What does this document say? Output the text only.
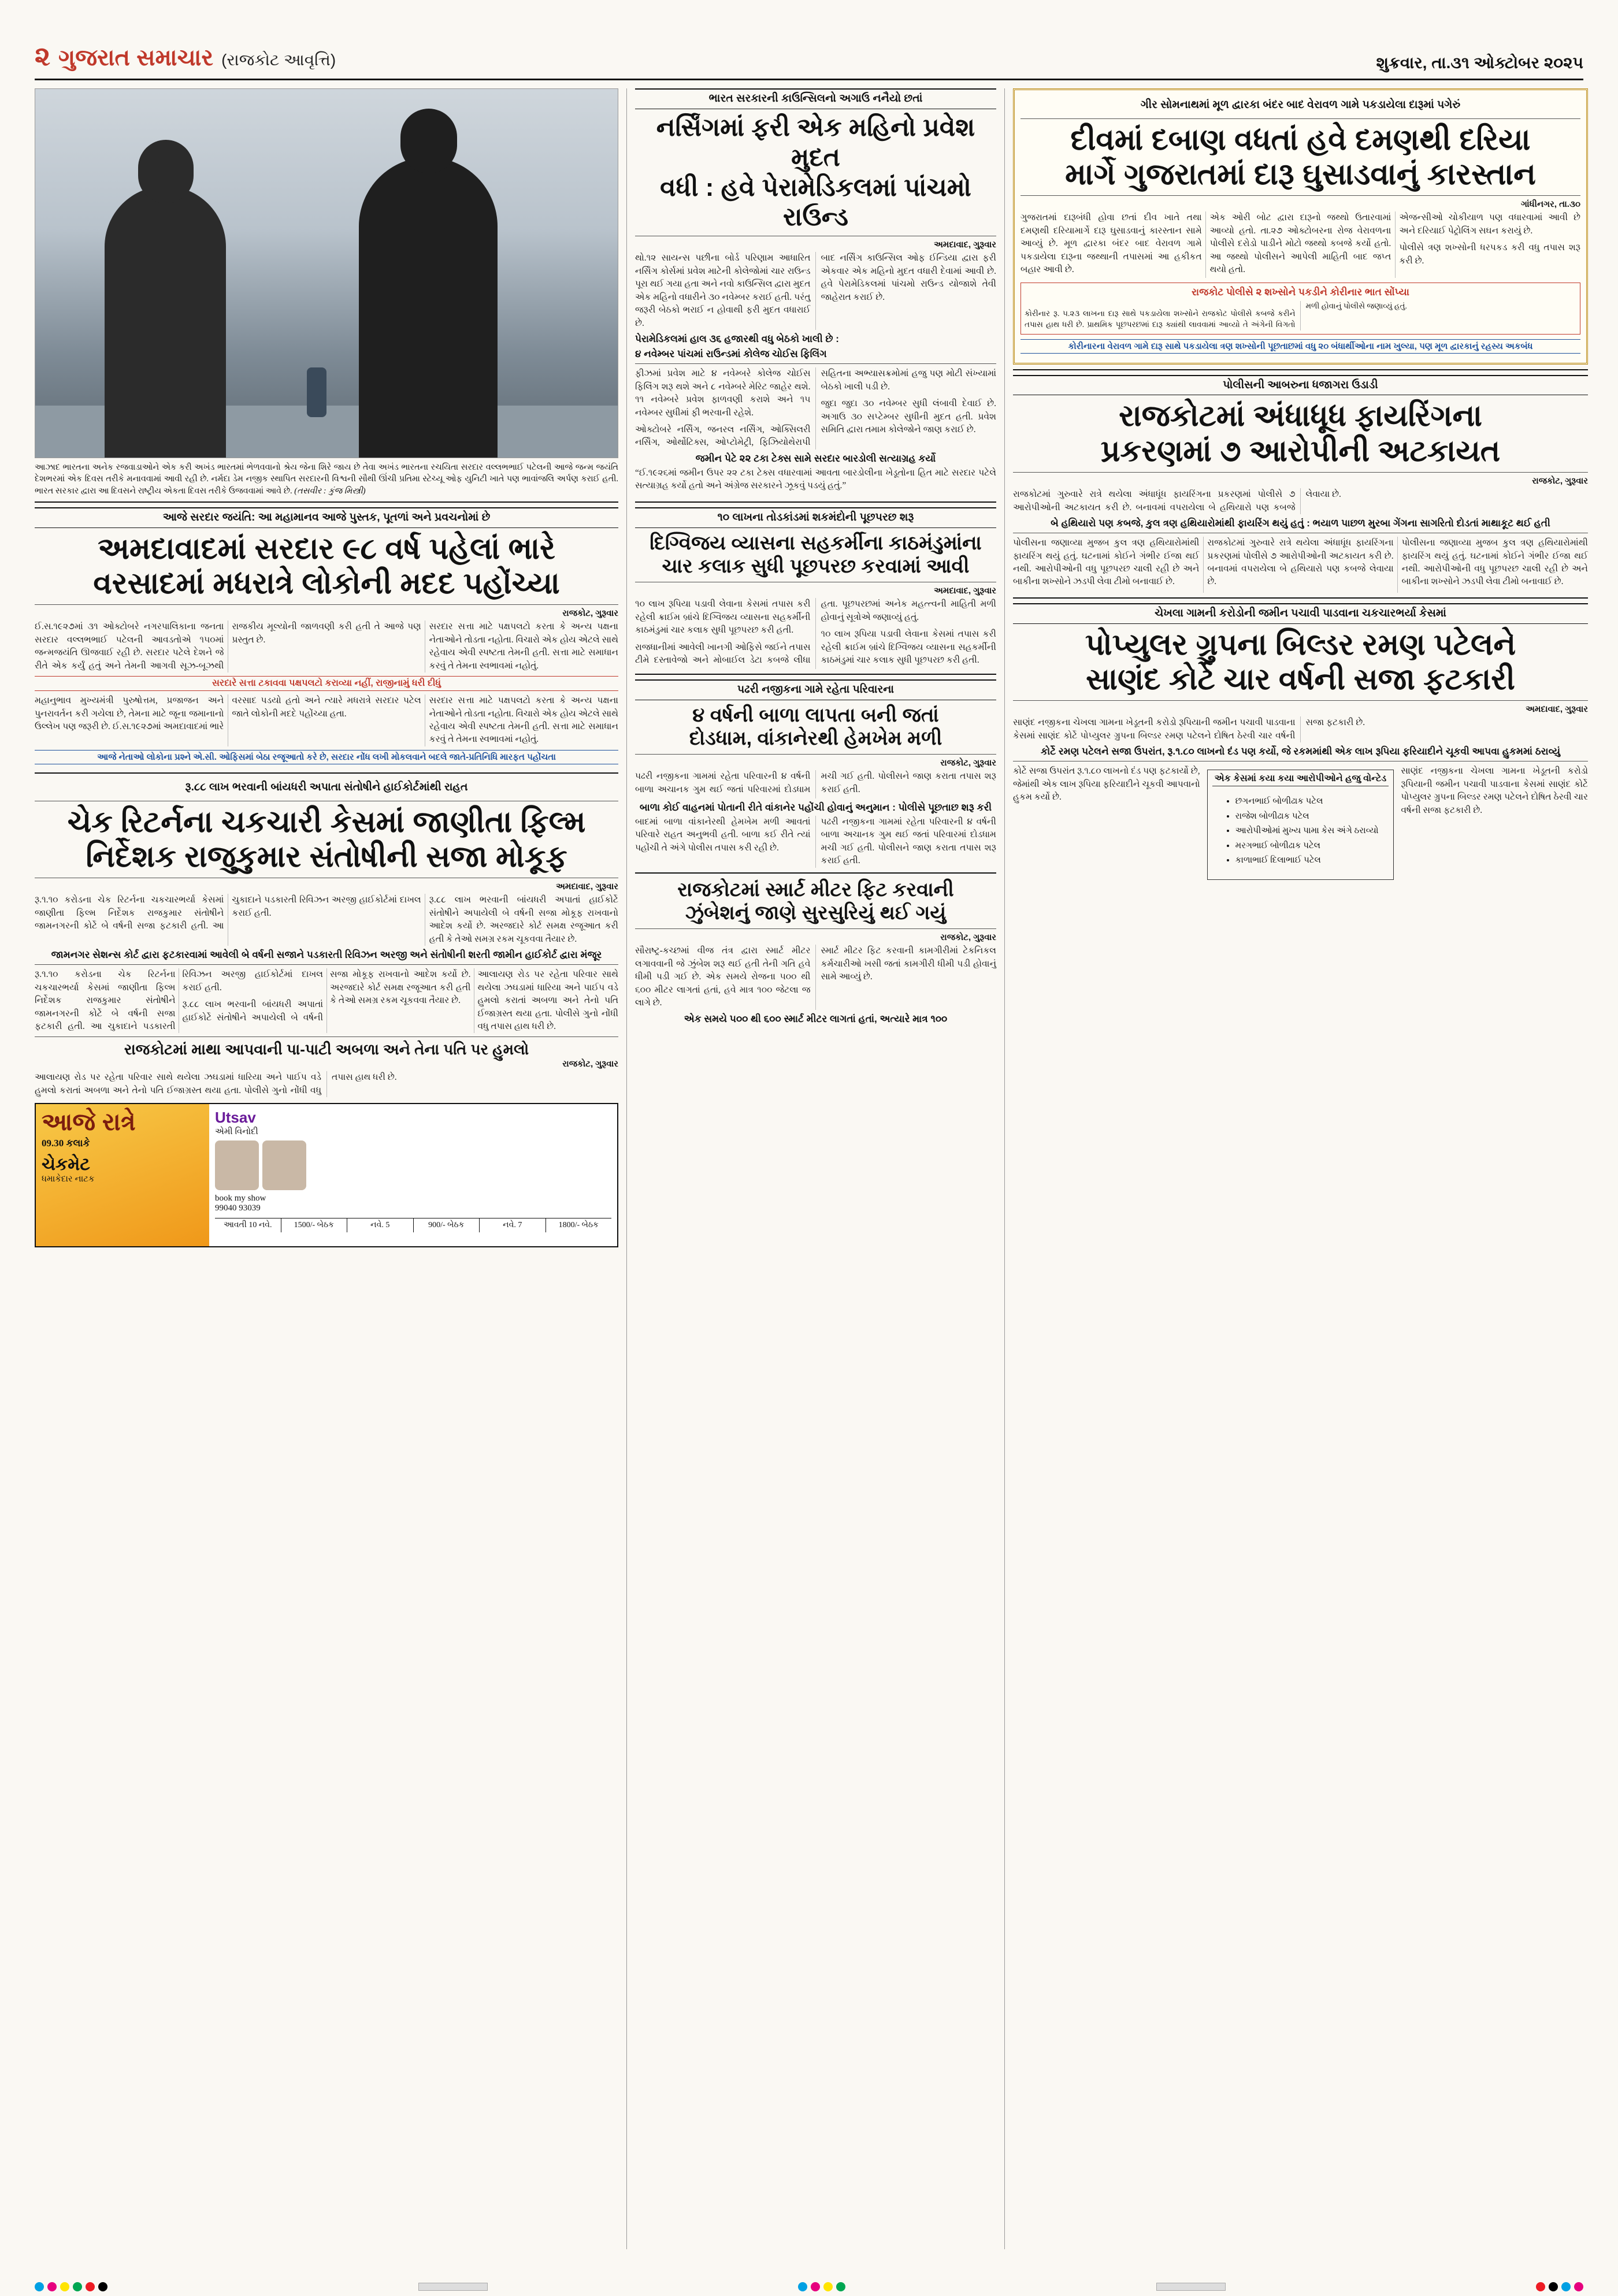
૨ ગુજરાત સમાચાર (રાજકોટ આવૃત્તિ)	શુક્રવાર, તા.૩૧ ઓક્ટોબર ૨૦૨૫
આઝાદ ભારતના અનેક રજવાડાઓને એક કરી અખંડ ભારતમાં ભેળવવાનો શ્રેય જેના શિરે જાય છે તેવા અખંડ ભારતના રચયિતા સરદાર વલ્લભભાઈ પટેલની આજે જન્મ જયંતિ દેશભરમાં એક દિવસ તરીકે મનાવવામાં આવી રહી છે. નર્મદા ડેમ નજીક સ્થાપિત સરદારની વિશ્વની સૌથી ઊંચી પ્રતિમા સ્ટેચ્યૂ ઓફ યુનિટી ખાતે પણ ભાવાંજલિ અર્પણ કરાઈ હતી. ભારત સરકાર દ્વારા આ દિવસને રાષ્ટ્રીય એકતા દિવસ તરીકે ઉજવવામાં આવે છે. (તસવીર : કુંજ મિસ્ત્રી)
આજે સરદાર જયંતિ: આ મહામાનવ આજે પુસ્તક, પૂતળાં અને પ્રવચનોમાં છે
અમદાવાદમાં સરદાર ૯૮ વર્ષ પહેલાં ભારે
વરસાદમાં મધરાત્રે લોકોની મદદ પહોંચ્યા
રાજકોટ, ગુરૂવાર

ઈ.સ.૧૯૨૭માં ૩૧ ઓક્ટોબરે નગરપાલિકાના જનતા સરદાર વલ્લભભાઈ પટેલની આવડતોએ ૧૫૦માં જન્મજયંતિ ઊજવાઈ રહી છે. સરદાર પટેલે દેશને જે રીતે એક કર્યું હતું અને તેમની આગવી સૂઝ-બૂઝથી રાજકીય મૂલ્યોની જાળવણી કરી હતી તે આજે પણ પ્રસ્તુત છે.

સરદાર સત્તા માટે પક્ષપલટો કરતા કે અન્ય પક્ષના નેતાઓને તોડતા નહોતા. વિચારો એક હોય એટલે સાથે રહેવાય એવી સ્પષ્ટતા તેમની હતી. સત્તા માટે સમાધાન કરવું તે તેમના સ્વભાવમાં નહોતું.

સરદારે સત્તા ટકાવવા પક્ષપલટો કરાવ્યા નહીં, રાજીનામું ધરી દીધું

મહાનુભાવ મુખ્યમંત્રી પુરુષોત્તમ, પ્રજાજન અને પુનરાવર્તન કરી ગયેલા છે, તેમના માટે જૂના જમાનાનો ઉલ્લેખ પણ જરૂરી છે. ઈ.સ.૧૯૨૭માં અમદાવાદમાં ભારે વરસાદ પડયો હતો અને ત્યારે મધરાત્રે સરદાર પટેલ જાતે લોકોની મદદે પહોંચ્યા હતા.

સરદાર સત્તા માટે પક્ષપલટો કરતા કે અન્ય પક્ષના નેતાઓને તોડતા નહોતા. વિચારો એક હોય એટલે સાથે રહેવાય એવી સ્પષ્ટતા તેમની હતી. સત્તા માટે સમાધાન કરવું તે તેમના સ્વભાવમાં નહોતું.

આજે નેતાઓ લોકોના પ્રશ્ને એ.સી. ઓફિસમાં બેઠા રજૂઆતો કરે છે, સરદાર નોંધ લખી મોકલવાને બદલે જાતે-પ્રતિનિધિ મારફત પહોંચતા
રૂ.૮૮ લાખ ભરવાની બાંયધરી અપાતા સંતોષીને હાઈકોર્ટમાંથી રાહત
ચેક રિટર્નના ચકચારી કેસમાં જાણીતા ફિલ્મ
નિર્દેશક રાજુકુમાર સંતોષીની સજા મોકૂફ
અમદાવાદ, ગુરૂવાર

રૂ.૧.૧૦ કરોડના ચેક રિટર્નના ચકચારભર્યા કેસમાં જાણીતા ફિલ્મ નિર્દેશક રાજકુમાર સંતોષીને જામનગરની કોર્ટે બે વર્ષની સજા ફટકારી હતી. આ ચુકાદાને પડકારતી રિવિઝન અરજી હાઈકોર્ટમાં દાખલ કરાઈ હતી.

રૂ.૮૮ લાખ ભરવાની બાંયધરી અપાતાં હાઈકોર્ટે સંતોષીને અપાયેલી બે વર્ષની સજા મોકૂફ રાખવાનો આદેશ કર્યો છે. અરજદારે કોર્ટ સમક્ષ રજૂઆત કરી હતી કે તેઓ સમગ્ર રકમ ચૂકવવા તૈયાર છે.

જામનગર સેશન્સ કોર્ટ દ્વારા ફટકારવામાં આવેલી બે વર્ષની સજાને પડકારતી રિવિઝન અરજી અને સંતોષીની શરતી જામીન હાઈકોર્ટ દ્વારા મંજૂર

રૂ.૧.૧૦ કરોડના ચેક રિટર્નના ચકચારભર્યા કેસમાં જાણીતા ફિલ્મ નિર્દેશક રાજકુમાર સંતોષીને જામનગરની કોર્ટે બે વર્ષની સજા ફટકારી હતી. આ ચુકાદાને પડકારતી રિવિઝન અરજી હાઈકોર્ટમાં દાખલ કરાઈ હતી.

રૂ.૮૮ લાખ ભરવાની બાંયધરી અપાતાં હાઈકોર્ટે સંતોષીને અપાયેલી બે વર્ષની સજા મોકૂફ રાખવાનો આદેશ કર્યો છે. અરજદારે કોર્ટ સમક્ષ રજૂઆત કરી હતી કે તેઓ સમગ્ર રકમ ચૂકવવા તૈયાર છે.

આલાયણ રોડ પર રહેતા પરિવાર સાથે થયેલા ઝઘડામાં ધારિયા અને પાઈપ વડે હુમલો કરાતાં અબળા અને તેનો પતિ ઈજાગ્રસ્ત થયા હતા. પોલીસે ગુનો નોંધી વધુ તપાસ હાથ ધરી છે.

રાજકોટમાં માથા આપવાની પા-પાટી અબળા અને તેના પતિ પર હુમલો
રાજકોટ, ગુરૂવાર

આલાયણ રોડ પર રહેતા પરિવાર સાથે થયેલા ઝઘડામાં ધારિયા અને પાઈપ વડે હુમલો કરાતાં અબળા અને તેનો પતિ ઈજાગ્રસ્ત થયા હતા. પોલીસે ગુનો નોંધી વધુ તપાસ હાથ ધરી છે.

આજે રાત્રે
09.30 કલાકે
ચેકમેટ
ધમાકેદાર નાટક
Utsav
એમી વિનોદી
book my show
99040 93039
આવતી 10 નવે.	1500/- બેઠક	નવે. 5	900/- બેઠક	નવે. 7	1800/- બેઠક
ભારત સરકારની કાઉન્સિલનો અગાઉ નનૈયો છતાં
નર્સિંગમાં ફરી એક મહિનો પ્રવેશ મુદત
વધી : હવે પેરામેડિકલમાં પાંચમો રાઉન્ડ
અમદાવાદ, ગુરૂવાર

થો.૧૨ સાયન્સ પછીના બોર્ડ પરિણામ આધારિત નર્સિંગ કોર્સમાં પ્રવેશ માટેની કોલેજોમાં ચાર રાઉન્ડ પૂરા થઈ ગયા હતા અને નવો કાઉન્સિલ દ્વારા મુદત એક મહિનો વધારીને ૩૦ નવેમ્બર કરાઈ હતી. પરંતુ જરૂરી બેઠકો ભરાઈ ન હોવાથી ફરી મુદત વધારાઈ છે.

બાદ નર્સિંગ કાઉન્સિલ ઓફ ઈન્ડિયા દ્વારા ફરી એકવાર એક મહિનો મુદત વધારી દેવામાં આવી છે. હવે પેરામેડિકલમાં પાંચમો રાઉન્ડ યોજાશે તેવી જાહેરાત કરાઈ છે.

પેરામેડિકલમાં હાલ ૩૬ હજારથી વધુ બેઠકો ખાલી છે :
૪ નવેમ્બર પાંચમાં રાઉન્ડમાં કોલેજ ચોઈસ ફિલિંગ

ફીઝમાં પ્રવેશ માટે ૪ નવેમ્બરે કોલેજ ચોઈસ ફિલિંગ શરૂ થશે અને ૮ નવેમ્બરે મેરિટ જાહેર થશે. ૧૧ નવેમ્બરે પ્રવેશ ફાળવણી કરાશે અને ૧૫ નવેમ્બર સુધીમાં ફી ભરવાની રહેશે.

ઓક્ટોબરે નર્સિંગ, જનરલ નર્સિંગ, ઓક્સિલરી નર્સિંગ, ઓર્થોટિક્સ, ઓપ્ટોમેટ્રી, ફિઝિયોથેરાપી સહિતના અભ્યાસક્રમોમાં હજુ પણ મોટી સંખ્યામાં બેઠકો ખાલી પડી છે.

જુદા જુદા ૩૦ નવેમ્બર સુધી લંબાવી દેવાઈ છે. અગાઉ ૩૦ સપ્ટેમ્બર સુધીની મુદત હતી. પ્રવેશ સમિતિ દ્વારા તમામ કોલેજોને જાણ કરાઈ છે.

જમીન પેટે ૨૨ ટકા ટેક્સ સામે સરદાર બારડોલી સત્યાગ્રહ કર્યો

“ઈ.૧૯૨૬માં જમીન ઉપર ૨૨ ટકા ટેક્સ વધારવામાં આવતા બારડોલીના ખેડૂતોના હિત માટે સરદાર પટેલે સત્યાગ્રહ કર્યો હતો અને અંગ્રેજ સરકારને ઝૂકવું પડયું હતું.”

૧૦ લાખના તોડકાંડમાં શકમંદોની પૂછપરછ શરૂ
દિગ્વિજય વ્યાસના સહકર્મીના કાઠમંડુમાંના
ચાર કલાક સુધી પૂછપરછ કરવામાં આવી
અમદાવાદ, ગુરૂવાર

૧૦ લાખ રૂપિયા પડાવી લેવાના કેસમાં તપાસ કરી રહેલી ક્રાઈમ બ્રાંચે દિગ્વિજય વ્યાસના સહકર્મીની કાઠમંડુમાં ચાર કલાક સુધી પૂછપરછ કરી હતી.

રાજધાનીમાં આવેલી ખાનગી ઓફિસે જઈને તપાસ ટીમે દસ્તાવેજો અને મોબાઈલ ડેટા કબજે લીધા હતા. પૂછપરછમાં અનેક મહત્ત્વની માહિતી મળી હોવાનું સૂત્રોએ જણાવ્યું હતું.

૧૦ લાખ રૂપિયા પડાવી લેવાના કેસમાં તપાસ કરી રહેલી ક્રાઈમ બ્રાંચે દિગ્વિજય વ્યાસના સહકર્મીની કાઠમંડુમાં ચાર કલાક સુધી પૂછપરછ કરી હતી.

પઢરી નજીકના ગામે રહેતા પરિવારના
૪ વર્ષની બાળા લાપતા બની જતાં
દોડધામ, વાંકાનેરથી હેમખેમ મળી
રાજકોટ, ગુરૂવાર

પઢરી નજીકના ગામમાં રહેતા પરિવારની ૪ વર્ષની બાળા અચાનક ગુમ થઈ જતાં પરિવારમાં દોડધામ મચી ગઈ હતી. પોલીસને જાણ કરાતા તપાસ શરૂ કરાઈ હતી.

બાળા કોઈ વાહનમાં પોતાની રીતે વાંકાનેર પહોંચી હોવાનું અનુમાન : પોલીસે પૂછતાછ શરૂ કરી

બાદમાં બાળા વાંકાનેરથી હેમખેમ મળી આવતાં પરિવારે રાહત અનુભવી હતી. બાળા કઈ રીતે ત્યાં પહોંચી તે અંગે પોલીસ તપાસ કરી રહી છે.

પઢરી નજીકના ગામમાં રહેતા પરિવારની ૪ વર્ષની બાળા અચાનક ગુમ થઈ જતાં પરિવારમાં દોડધામ મચી ગઈ હતી. પોલીસને જાણ કરાતા તપાસ શરૂ કરાઈ હતી.

રાજકોટમાં સ્માર્ટ મીટર ફિટ કરવાની
ઝુંબેશનું જાણે સુરસુરિયું થઈ ગયું
રાજકોટ, ગુરૂવાર

સૌરાષ્ટ્ર-કચ્છમાં વીજ તંત્ર દ્વારા સ્માર્ટ મીટર લગાવવાની જે ઝુંબેશ શરૂ થઈ હતી તેની ગતિ હવે ધીમી પડી ગઈ છે. એક સમયે રોજના ૫૦૦ થી ૬૦૦ મીટર લાગતાં હતાં, હવે માત્ર ૧૦૦ જેટલા જ લાગે છે.

સ્માર્ટ મીટર ફિટ કરવાની કામગીરીમાં ટેકનિકલ કર્મચારીઓ ખસી જતાં કામગીરી ધીમી પડી હોવાનું સામે આવ્યું છે.

એક સમયે ૫૦૦ થી ૬૦૦ સ્માર્ટ મીટર લાગતાં હતાં, અત્યારે માત્ર ૧૦૦
ગીર સોમનાથમાં મૂળ દ્વારકા બંદર બાદ વેરાવળ ગામે પકડાયેલા દારૂમાં પગેરું
દીવમાં દબાણ વધતાં હવે દમણથી દરિયા
માર્ગે ગુજરાતમાં દારૂ ઘુસાડવાનું કારસ્તાન
ગાંધીનગર, તા.૩૦

ગુજરાતમાં દારૂબંધી હોવા છતાં દીવ ખાતે તથા દમણથી દરિયામાર્ગે દારૂ ઘુસાડવાનું કારસ્તાન સામે આવ્યું છે. મૂળ દ્વારકા બંદર બાદ વેરાવળ ગામે પકડાયેલા દારૂના જથ્થાની તપાસમાં આ હકીકત બહાર આવી છે.

એક ઓરી બોટ દ્વારા દારૂનો જથ્થો ઉતારવામાં આવ્યો હતો. તા.૨૭ ઓક્ટોબરના રોજ વેરાવળના પોલીસે દરોડો પાડીને મોટો જથ્થો કબજે કર્યો હતો. આ જથ્થો પોલીસને આપેલી માહિતી બાદ જપ્ત થયો હતો.

એજન્સીઓ ચોકીયાળ પણ વધારવામાં આવી છે અને દરિયાઈ પેટ્રોલિંગ સઘન કરાયું છે.

પોલીસે ત્રણ શખ્સોની ધરપકડ કરી વધુ તપાસ શરૂ કરી છે.

રાજકોટ પોલીસે ૨ શખ્સોને પકડીને કોરીનાર ભાત સોંપ્યા

કોરીનાર રૂ. ૫.૨૩ લાખના દારૂ સાથે પકડાયેલા શખ્સોને રાજકોટ પોલીસે કબજે કરીને તપાસ હાથ ધરી છે. પ્રાથમિક પૂછપરછમાં દારૂ ક્યાંથી લાવવામાં આવ્યો તે અંગેની વિગતો મળી હોવાનું પોલીસે જણાવ્યું હતું.

કોરીનારના વેરાવળ ગામે દારૂ સાથે પકડાયેલા ત્રણ શખ્સોની પૂછતાછમાં વધુ ૨૦ બંધાર્થીઓના નામ ખુલ્યા, પણ મૂળ દ્વારકાનું રહસ્ય અકબંધ
પોલીસની આબરુના ધજાગરા ઉડાડી
રાજકોટમાં અંધાધૂધ ફાયરિંગના
પ્રકરણમાં ૭ આરોપીની અટકાયત
રાજકોટ, ગુરૂવાર

રાજકોટમાં ગુરુવારે રાત્રે થયેલા અંધાધૂંધ ફાયરિંગના પ્રકરણમાં પોલીસે ૭ આરોપીઓની અટકાયત કરી છે. બનાવમાં વપરાયેલા બે હથિયારો પણ કબજે લેવાયા છે.

બે હથિયારો પણ કબજે, કુલ ત્રણ હથિયારોમાંથી ફાયરિંગ થયું હતું : ભયાળ પાછળ મુરબા ગેંગના સાગરિતો દોડતાં માથાકૂટ થઈ હતી

પોલીસના જણાવ્યા મુજબ કુલ ત્રણ હથિયારોમાંથી ફાયરિંગ થયું હતું. ઘટનામાં કોઈને ગંભીર ઈજા થઈ નથી. આરોપીઓની વધુ પૂછપરછ ચાલી રહી છે અને બાકીના શખ્સોને ઝડપી લેવા ટીમો બનાવાઈ છે.

રાજકોટમાં ગુરુવારે રાત્રે થયેલા અંધાધૂંધ ફાયરિંગના પ્રકરણમાં પોલીસે ૭ આરોપીઓની અટકાયત કરી છે. બનાવમાં વપરાયેલા બે હથિયારો પણ કબજે લેવાયા છે.

પોલીસના જણાવ્યા મુજબ કુલ ત્રણ હથિયારોમાંથી ફાયરિંગ થયું હતું. ઘટનામાં કોઈને ગંભીર ઈજા થઈ નથી. આરોપીઓની વધુ પૂછપરછ ચાલી રહી છે અને બાકીના શખ્સોને ઝડપી લેવા ટીમો બનાવાઈ છે.

ચેખલા ગામની કરોડોની જમીન પચાવી પાડવાના ચકચારભર્યા કેસમાં
પોપ્યુલર ગ્રુપના બિલ્ડર રમણ પટેલને
સાણંદ કોર્ટે ચાર વર્ષની સજા ફટકારી
અમદાવાદ, ગુરૂવાર

સાણંદ નજીકના ચેખલા ગામના ખેડૂતની કરોડો રૂપિયાની જમીન પચાવી પાડવાના કેસમાં સાણંદ કોર્ટે પોપ્યુલર ગ્રુપના બિલ્ડર રમણ પટેલને દોષિત ઠેરવી ચાર વર્ષની સજા ફટકારી છે.

કોર્ટે રમણ પટેલને સજા ઉપરાંત, રૂ.૧.૮૦ લાખનો દંડ પણ કર્યો, જે રકમમાંથી એક લાખ રૂપિયા ફરિયાદીને ચૂકવી આપવા હુકમમાં ઠરાવ્યું

કોર્ટે સજા ઉપરાંત રૂ.૧.૮૦ લાખનો દંડ પણ ફટકાર્યો છે, જેમાંથી એક લાખ રૂપિયા ફરિયાદીને ચૂકવી આપવાનો હુકમ કર્યો છે.

એક કેસમાં કયા કયા આરોપીઓને હજુ વોન્ટેડ
• છગનભાઈ બોળીઢાક પટેલ
• રાજેશ બોળીઢાક પટેલ
• આરોપીઓમાં મુખ્ય પામા કેસ અંગે ઠરાવ્યો
• મરગભાઈ બોળીઢાક પટેલ
• કાળાભાઈ દિલાભાઈ પટેલ

સાણંદ નજીકના ચેખલા ગામના ખેડૂતની કરોડો રૂપિયાની જમીન પચાવી પાડવાના કેસમાં સાણંદ કોર્ટે પોપ્યુલર ગ્રુપના બિલ્ડર રમણ પટેલને દોષિત ઠેરવી ચાર વર્ષની સજા ફટકારી છે.
